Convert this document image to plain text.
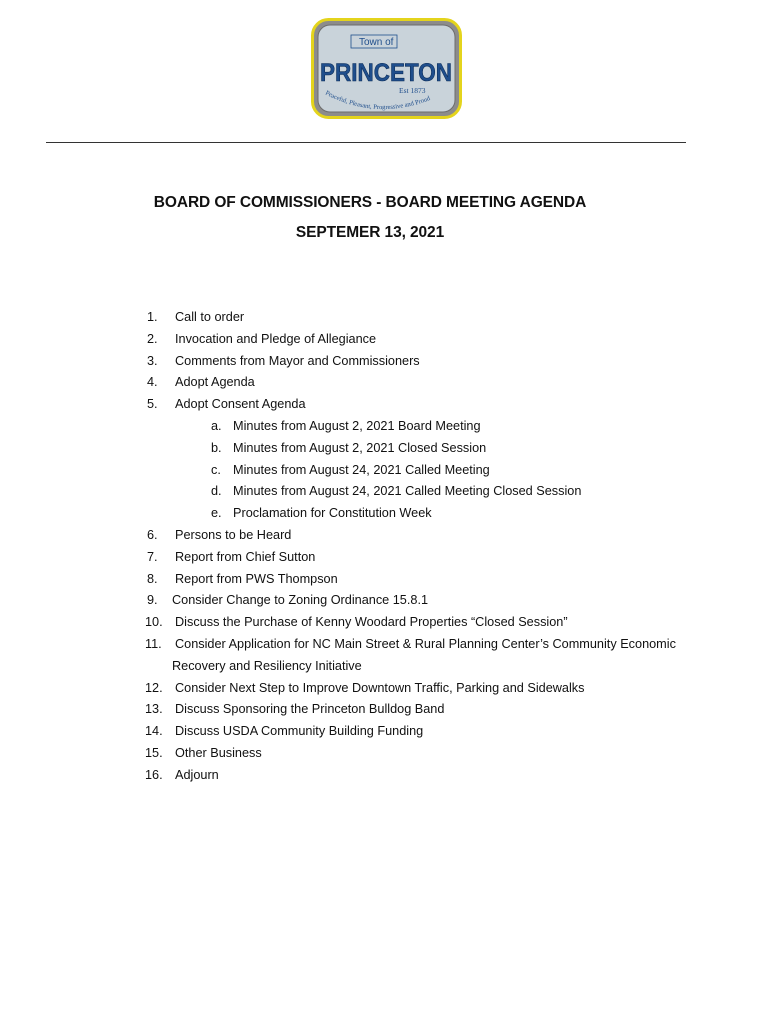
Town of
PRINCETON
Est 1873
Peaceful, Pleasant, Progressive and Proud
BOARD OF COMMISSIONERS - BOARD MEETING AGENDA
SEPTEMER 13, 2021
1. Call to order
2. Invocation and Pledge of Allegiance
3. Comments from Mayor and Commissioners
4. Adopt Agenda
5. Adopt Consent Agenda
a. Minutes from August 2, 2021 Board Meeting
b. Minutes from August 2, 2021 Closed Session
c. Minutes from August 24, 2021 Called Meeting
d. Minutes from August 24, 2021 Called Meeting Closed Session
e. Proclamation for Constitution Week
6. Persons to be Heard
7. Report from Chief Sutton
8. Report from PWS Thompson
9. Consider Change to Zoning Ordinance 15.8.1
10. Discuss the Purchase of Kenny Woodard Properties “Closed Session”
11. Consider Application for NC Main Street & Rural Planning Center’s Community Economic
Recovery and Resiliency Initiative
12. Consider Next Step to Improve Downtown Traffic, Parking and Sidewalks
13. Discuss Sponsoring the Princeton Bulldog Band
14. Discuss USDA Community Building Funding
15. Other Business
16. Adjourn
